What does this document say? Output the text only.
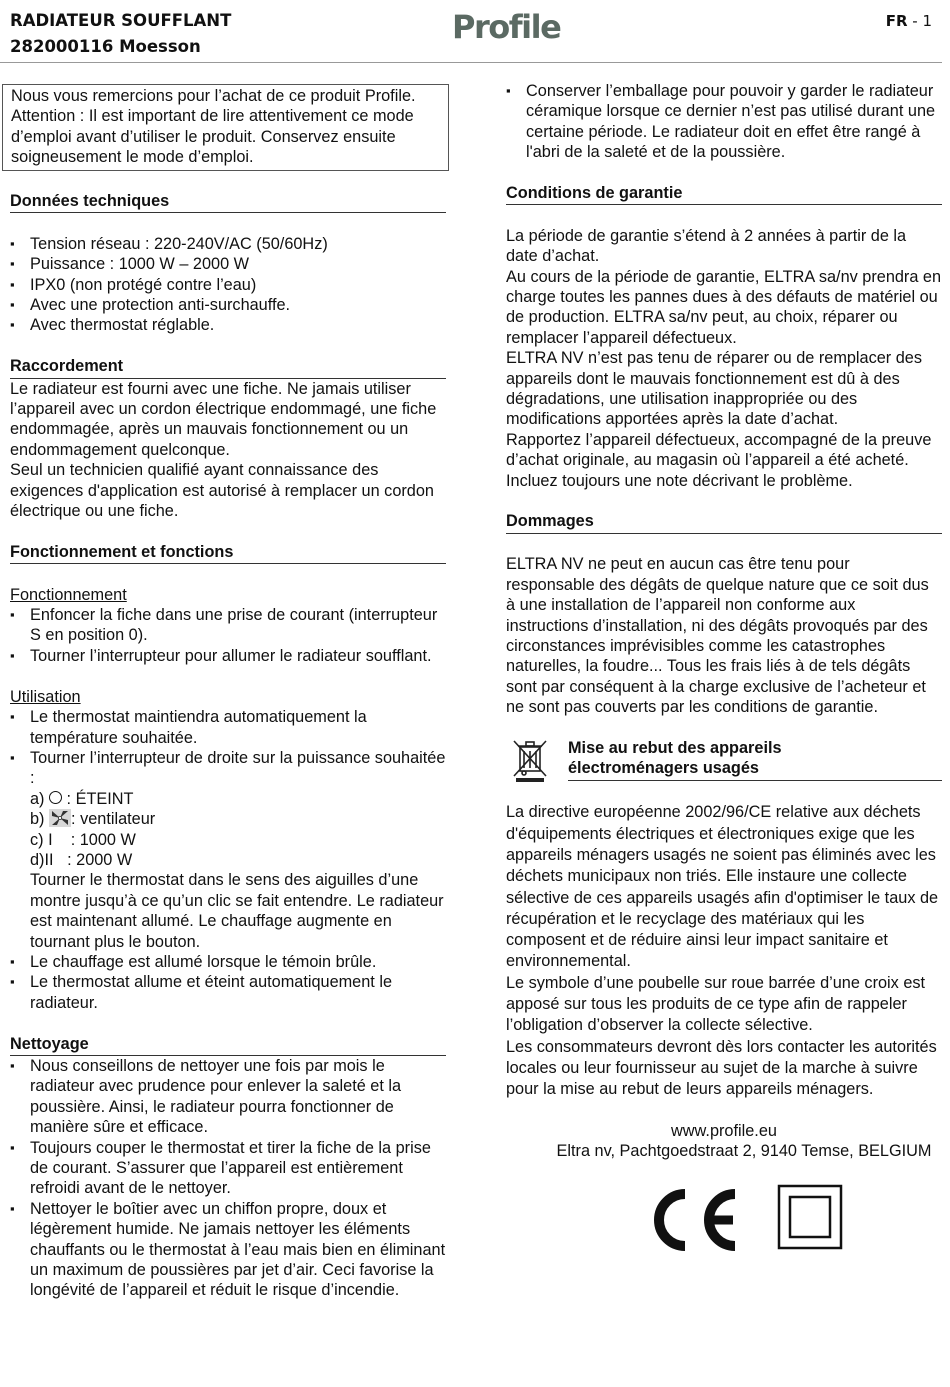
RADIATEUR SOUFFLANT
282000116 Moesson
Profile	FR - 1

Nous vous remercions pour l’achat de ce produit Profile. Attention : Il est important de lire attentivement ce mode d’emploi avant d’utiliser le produit. Conservez ensuite soigneusement le mode d’emploi.

Données techniques
▪ Tension réseau : 220-240V/AC (50/60Hz)
▪ Puissance : 1000 W – 2000 W
▪ IPX0 (non protégé contre l’eau)
▪ Avec une protection anti-surchauffe.
▪ Avec thermostat réglable.
Raccordement

Le radiateur est fourni avec une fiche. Ne jamais utiliser l’appareil avec un cordon électrique endommagé, une fiche endommagée, après un mauvais fonctionnement ou un endommagement quelconque.

Seul un technicien qualifié ayant connaissance des exigences d'application est autorisé à remplacer un cordon électrique ou une fiche.

Fonctionnement et fonctions
Fonctionnement
▪ Enfoncer la fiche dans une prise de courant (interrupteur S en position 0).
▪ Tourner l’interrupteur pour allumer le radiateur soufflant.
Utilisation
▪ Le thermostat maintiendra automatiquement la température souhaitée.
▪ Tourner l’interrupteur de droite sur la puissance souhaitée :
a)  : ÉTEINT
b) : ventilateur
c) I    : 1000 W
d)II   : 2000 W
Tourner le thermostat dans le sens des aiguilles d’une montre jusqu’à ce qu’un clic se fait entendre. Le radiateur est maintenant allumé. Le chauffage augmente en tournant plus le bouton.
▪ Le chauffage est allumé lorsque le témoin brûle.
▪ Le thermostat allume et éteint automatiquement le radiateur.
Nettoyage
▪ Nous conseillons de nettoyer une fois par mois le radiateur avec prudence pour enlever la saleté et la poussière. Ainsi, le radiateur pourra fonctionner de manière sûre et efficace.
▪ Toujours couper le thermostat et tirer la fiche de la prise de courant. S’assurer que l’appareil est entièrement refroidi avant de le nettoyer.
▪ Nettoyer le boîtier avec un chiffon propre, doux et légèrement humide. Ne jamais nettoyer les éléments chauffants ou le thermostat à l’eau mais bien en éliminant un maximum de poussières par jet d’air. Ceci favorise la longévité de l’appareil et réduit le risque d’incendie.
▪ Conserver l’emballage pour pouvoir y garder le radiateur céramique lorsque ce dernier n’est pas utilisé durant une certaine période. Le radiateur doit en effet être rangé à l'abri de la saleté et de la poussière.
Conditions de garantie

La période de garantie s’étend à 2 années à partir de la date d’achat.

Au cours de la période de garantie, ELTRA sa/nv prendra en charge toutes les pannes dues à des défauts de matériel ou de production. ELTRA sa/nv peut, au choix, réparer ou remplacer l’appareil défectueux.

ELTRA NV n’est pas tenu de réparer ou de remplacer des appareils dont le mauvais fonctionnement est dû à des dégradations, une utilisation inappropriée ou des modifications apportées après la date d’achat.

Rapportez l’appareil défectueux, accompagné de la preuve d’achat originale, au magasin où l’appareil a été acheté. Incluez toujours une note décrivant le problème.

Dommages

ELTRA NV ne peut en aucun cas être tenu pour responsable des dégâts de quelque nature que ce soit dus à une installation de l’appareil non conforme aux instructions d’installation, ni des dégâts provoqués par des circonstances imprévisibles comme les catastrophes naturelles, la foudre... Tous les frais liés à de tels dégâts sont par conséquent à la charge exclusive de l’acheteur et ne sont pas couverts par les conditions de garantie.

Mise au rebut des appareils
électroménagers usagés

La directive européenne 2002/96/CE relative aux déchets d'équipements électriques et électroniques exige que les appareils ménagers usagés ne soient pas éliminés avec les déchets municipaux non triés. Elle instaure une collecte sélective de ces appareils usagés afin d'optimiser le taux de récupération et le recyclage des matériaux qui les composent et de réduire ainsi leur impact sanitaire et environnemental.

Le symbole d’une poubelle sur roue barrée d’une croix est apposé sur tous les produits de ce type afin de rappeler l’obligation d’observer la collecte sélective.

Les consommateurs devront dès lors contacter les autorités locales ou leur fournisseur au sujet de la marche à suivre pour la mise au rebut de leurs appareils ménagers.

www.profile.eu
Eltra nv, Pachtgoedstraat 2, 9140 Temse, BELGIUM
